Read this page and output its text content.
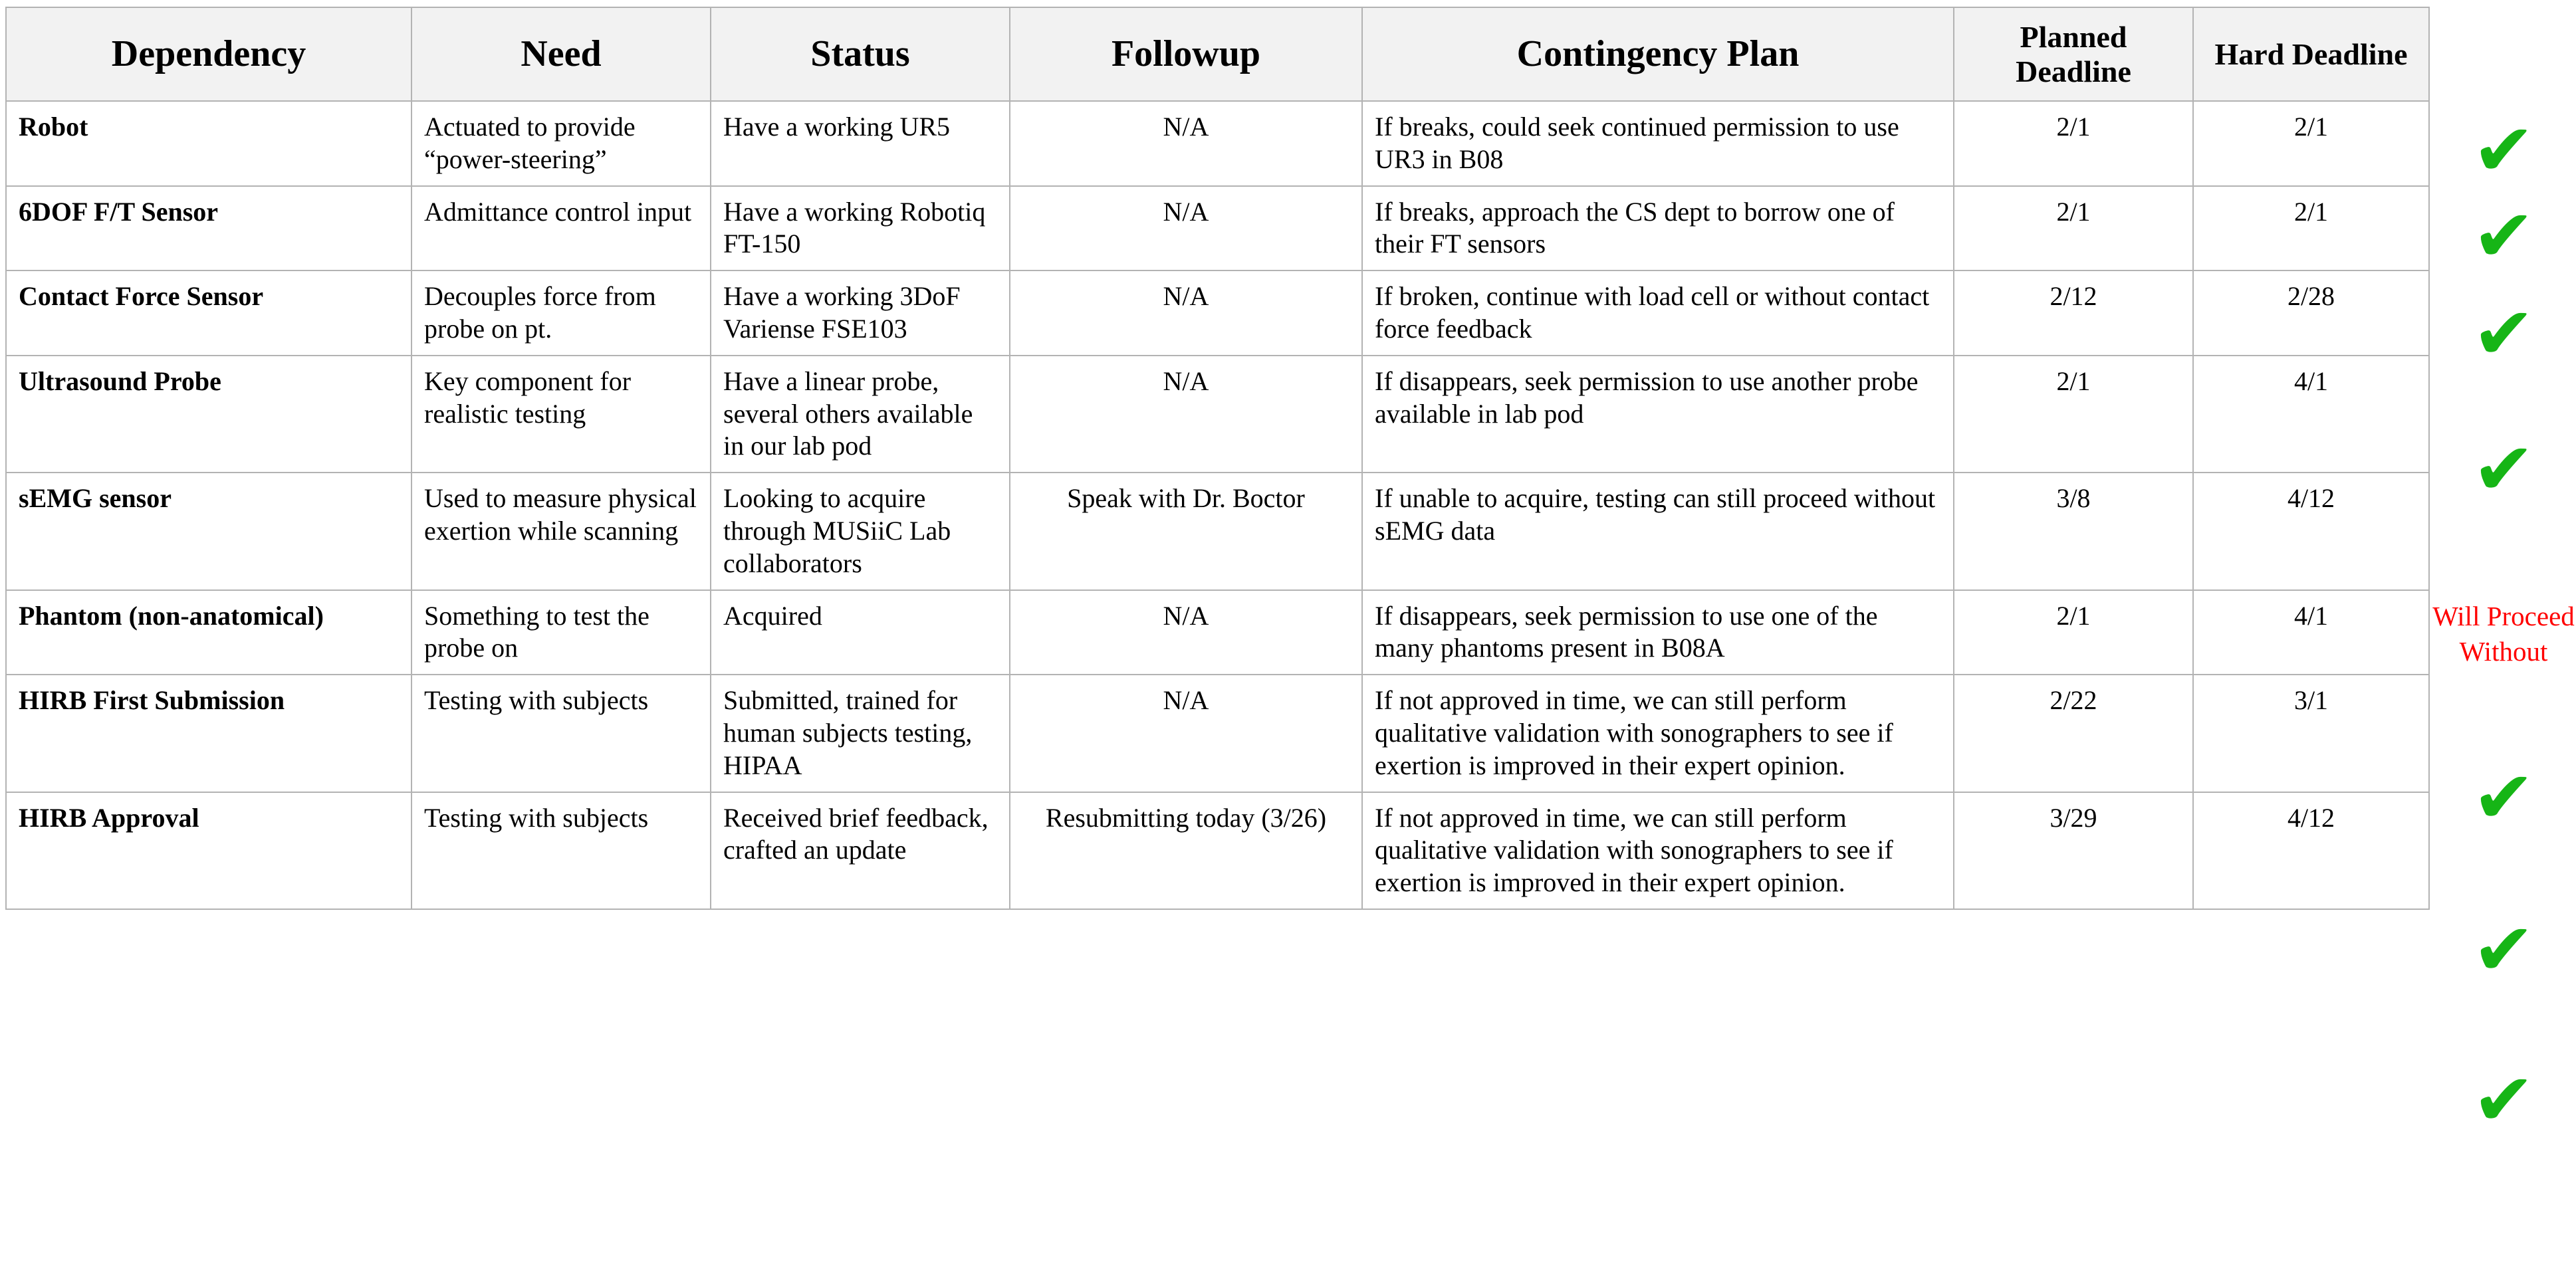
Dependency	Need	Status	Followup	Contingency Plan	Planned Deadline	Hard Deadline
Robot	Actuated to provide “power-steering”	Have a working UR5	N/A	If breaks, could seek continued permission to use UR3 in B08	2/1	2/1
6DOF F/T Sensor	Admittance control input	Have a working Robotiq FT-150	N/A	If breaks, approach the CS dept to borrow one of their FT sensors	2/1	2/1
Contact Force Sensor	Decouples force from probe on pt.	Have a working 3DoF Variense FSE103	N/A	If broken, continue with load cell or without contact force feedback	2/12	2/28
Ultrasound Probe	Key component for realistic testing	Have a linear probe, several others available in our lab pod	N/A	If disappears, seek permission to use another probe available in lab pod	2/1	4/1
sEMG sensor	Used to measure physical exertion while scanning	Looking to acquire through MUSiiC Lab collaborators	Speak with Dr. Boctor	If unable to acquire, testing can still proceed without sEMG data	3/8	4/12
Phantom (non-anatomical)	Something to test the probe on	Acquired	N/A	If disappears, seek permission to use one of the many phantoms present in B08A	2/1	4/1
HIRB First Submission	Testing with subjects	Submitted, trained for human subjects testing, HIPAA	N/A	If not approved in time, we can still perform qualitative validation with sonographers to see if exertion is improved in their expert opinion.	2/22	3/1
HIRB Approval	Testing with subjects	Received brief feedback, crafted an update	Resubmitting today (3/26)	If not approved in time, we can still perform qualitative validation with sonographers to see if exertion is improved in their expert opinion.	3/29	4/12
✔
✔
✔
✔
Will Proceed Without
✔
✔
✔
